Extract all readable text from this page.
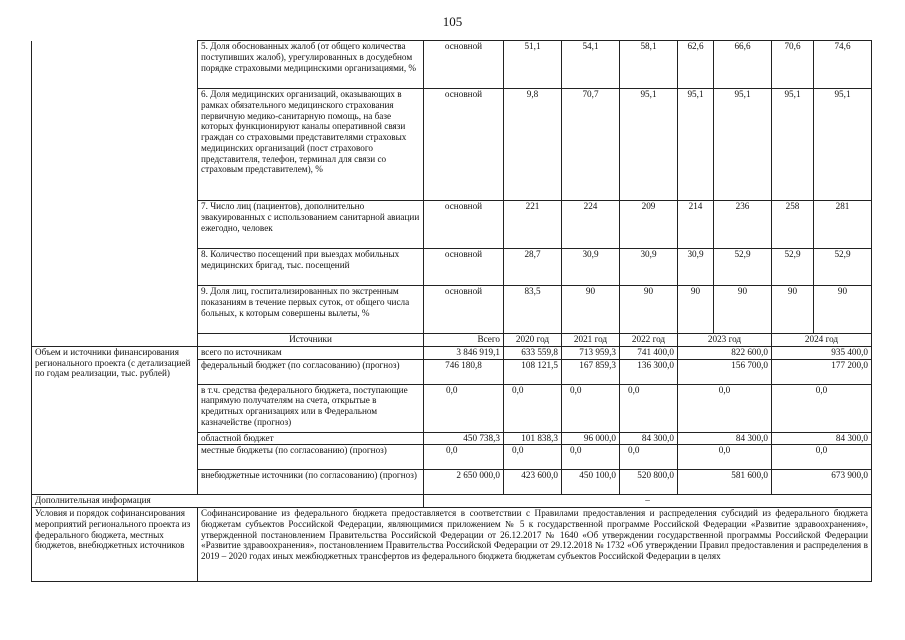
105
	5. Доля обоснованных жалоб (от общего количества поступивших жалоб), урегулированных в досудебном порядке страховыми медицинскими организациями, %	основной	51,1	54,1	58,1	62,6	66,6	70,6	74,6
	6. Доля медицинских организаций, оказывающих в рамках обязательного медицинского страхования первичную медико-санитарную помощь, на базе которых функционируют каналы оперативной связи граждан со страховыми представителями страховых медицинских организаций (пост страхового представителя, телефон, терминал для связи со страховым представителем), %	основной	9,8	70,7	95,1	95,1	95,1	95,1	95,1
	7. Число лиц (пациентов), дополнительно эвакуированных с использованием санитарной авиации ежегодно, человек	основной	221	224	209	214	236	258	281
	8. Количество посещений при выездах мобильных медицинских бригад, тыс. посещений	основной	28,7	30,9	30,9	30,9	52,9	52,9	52,9
	9. Доля лиц, госпитализированных по экстренным показаниям в течение первых суток, от общего числа больных, к которым совершены вылеты, %	основной	83,5	90	90	90	90	90	90
	Источники	Всего	2020 год	2021 год	2022 год	2023 год		2024 год	
Объем и источники финансирования регионального проекта (с детализацией по годам реализации, тыс. рублей)	всего по источникам	3 846 919,1	633 559,8	713 959,3	741 400,0	822 600,0		935 400,0	
	федеральный бюджет (по согласованию) (прогноз)	746 180,8	108 121,5	167 859,3	136 300,0	156 700,0		177 200,0	
	в т.ч. средства федерального бюджета, поступающие напрямую получателям на счета, открытые в кредитных организациях или в Федеральном казначействе (прогноз)	0,0	0,0	0,0	0,0	0,0		0,0	
	областной бюджет	450 738,3	101 838,3	96 000,0	84 300,0	84 300,0		84 300,0	
	местные бюджеты (по согласованию) (прогноз)	0,0	0,0	0,0	0,0	0,0		0,0	
	внебюджетные источники (по согласованию) (прогноз)	2 650 000,0	423 600,0	450 100,0	520 800,0	581 600,0		673 900,0	
Дополнительная информация		–							
Условия и порядок софинансирования мероприятий регионального проекта из федерального бюджета, местных бюджетов, внебюджетных источников	Софинансирование из федерального бюджета предоставляется в соответствии с Правилами предоставления и распределения субсидий из федерального бюджета бюджетам субъектов Российской Федерации, являющимися приложением № 5 к государственной программе Российской Федерации «Развитие здравоохранения», утвержденной постановлением Правительства Российской Федерации от 26.12.2017 № 1640 «Об утверждении государственной программы Российской Федерации «Развитие здравоохранения», постановлением Правительства Российской Федерации от 29.12.2018 № 1732 «Об утверждении Правил предоставления и распределения в 2019 – 2020 годах иных межбюджетных трансфертов из федерального бюджета бюджетам субъектов Российской Федерации в целях								
